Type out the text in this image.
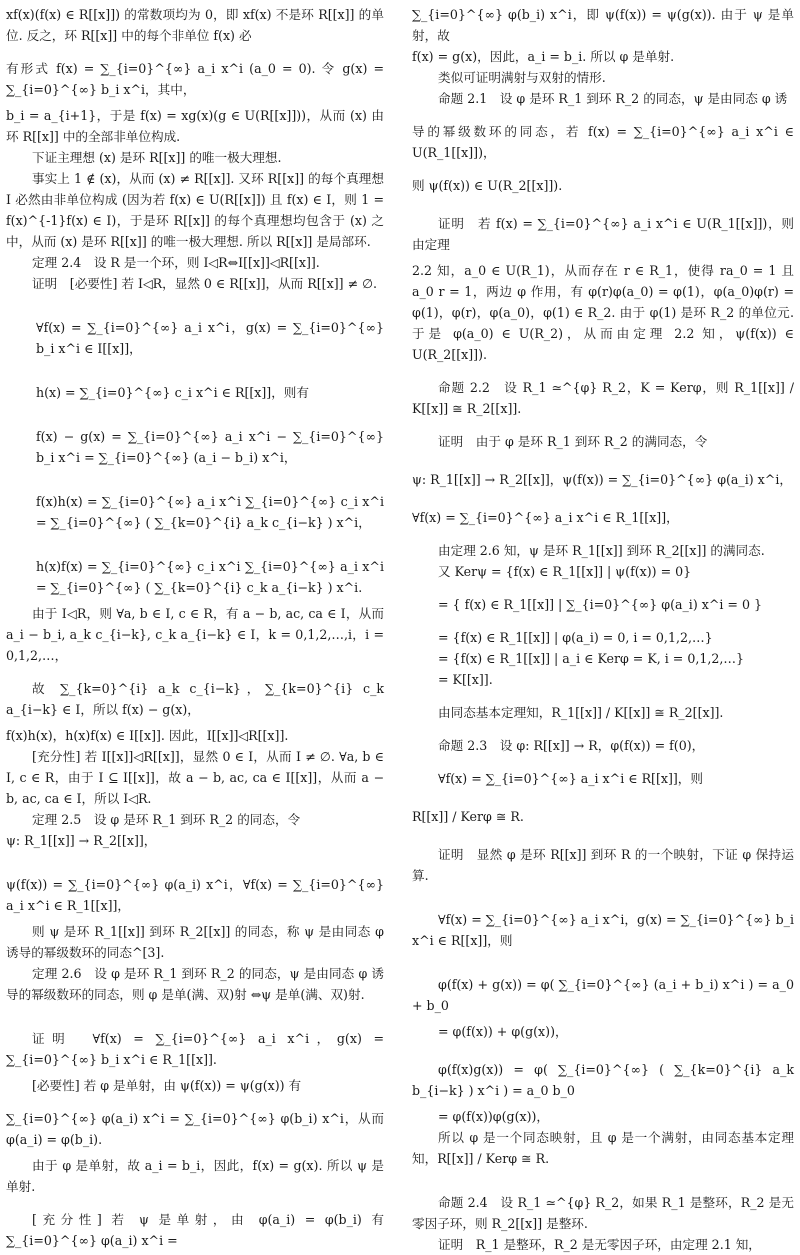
xf(x)(f(x) ∈ R[[x]]) 的常数项均为 0，即 xf(x) 不是环 R[[x]] 的单位. 反之，环 R[[x]] 中的每个非单位 f(x) 必

有形式 f(x) = ∑_{i=0}^{∞} a_i x^i (a_0 = 0). 令 g(x) = ∑_{i=0}^{∞} b_i x^i，其中，

b_i = a_{i+1}，于是 f(x) = xg(x)(g ∈ U(R[[x]]))，从而 (x) 由环 R[[x]] 中的全部非单位构成.

下证主理想 (x) 是环 R[[x]] 的唯一极大理想.

事实上 1 ∉ (x)，从而 (x) ≠ R[[x]]. 又环 R[[x]] 的每个真理想 I 必然由非单位构成 (因为若 f(x) ∈ U(R[[x]]) 且 f(x) ∈ I，则 1 = f(x)^{-1}f(x) ∈ I)，于是环 R[[x]] 的每个真理想均包含于 (x) 之中，从而 (x) 是环 R[[x]] 的唯一极大理想. 所以 R[[x]] 是局部环.

定理 2.4　设 R 是一个环，则 I◁R⇔I[[x]]◁R[[x]].

证明　[必要性] 若 I◁R，显然 0 ∈ R[[x]]，从而 R[[x]] ≠ ∅.

∀f(x) = ∑_{i=0}^{∞} a_i x^i，g(x) = ∑_{i=0}^{∞} b_i x^i ∈ I[[x]]，

h(x) = ∑_{i=0}^{∞} c_i x^i ∈ R[[x]]，则有

f(x) − g(x) = ∑_{i=0}^{∞} a_i x^i − ∑_{i=0}^{∞} b_i x^i = ∑_{i=0}^{∞} (a_i − b_i) x^i，

f(x)h(x) = ∑_{i=0}^{∞} a_i x^i ∑_{i=0}^{∞} c_i x^i = ∑_{i=0}^{∞} ( ∑_{k=0}^{i} a_k c_{i−k} ) x^i，

h(x)f(x) = ∑_{i=0}^{∞} c_i x^i ∑_{i=0}^{∞} a_i x^i = ∑_{i=0}^{∞} ( ∑_{k=0}^{i} c_k a_{i−k} ) x^i.

由于 I◁R，则 ∀a, b ∈ I, c ∈ R，有 a − b, ac, ca ∈ I，从而 a_i − b_i, a_k c_{i−k}, c_k a_{i−k} ∈ I，k = 0,1,2,…,i，i = 0,1,2,…，

故 ∑_{k=0}^{i} a_k c_{i−k}，∑_{k=0}^{i} c_k a_{i−k} ∈ I，所以 f(x) − g(x)，

f(x)h(x)，h(x)f(x) ∈ I[[x]]. 因此，I[[x]]◁R[[x]].

[充分性] 若 I[[x]]◁R[[x]]，显然 0 ∈ I，从而 I ≠ ∅. ∀a, b ∈ I, c ∈ R，由于 I ⊆ I[[x]]，故 a − b, ac, ca ∈ I[[x]]，从而 a − b, ac, ca ∈ I，所以 I◁R.

定理 2.5　设 φ 是环 R_1 到环 R_2 的同态，令

ψ: R_1[[x]] → R_2[[x]]，

ψ(f(x)) = ∑_{i=0}^{∞} φ(a_i) x^i，∀f(x) = ∑_{i=0}^{∞} a_i x^i ∈ R_1[[x]]，

则 ψ 是环 R_1[[x]] 到环 R_2[[x]] 的同态，称 ψ 是由同态 φ 诱导的幂级数环的同态^[3].

定理 2.6　设 φ 是环 R_1 到环 R_2 的同态，ψ 是由同态 φ 诱导的幂级数环的同态，则 φ 是单(满、双)射 ⇔ψ 是单(满、双)射.

证明　∀f(x) = ∑_{i=0}^{∞} a_i x^i，g(x) = ∑_{i=0}^{∞} b_i x^i ∈ R_1[[x]].

[必要性] 若 φ 是单射，由 ψ(f(x)) = ψ(g(x)) 有

∑_{i=0}^{∞} φ(a_i) x^i = ∑_{i=0}^{∞} φ(b_i) x^i，从而 φ(a_i) = φ(b_i).

由于 φ 是单射，故 a_i = b_i，因此，f(x) = g(x). 所以 ψ 是单射.

[充分性] 若 ψ 是单射，由 φ(a_i) = φ(b_i) 有 ∑_{i=0}^{∞} φ(a_i) x^i =

∑_{i=0}^{∞} φ(b_i) x^i，即 ψ(f(x)) = ψ(g(x)). 由于 ψ 是单射，故

f(x) = g(x)，因此，a_i = b_i. 所以 φ 是单射.

类似可证明满射与双射的情形.

命题 2.1　设 φ 是环 R_1 到环 R_2 的同态，ψ 是由同态 φ 诱

导的幂级数环的同态，若 f(x) = ∑_{i=0}^{∞} a_i x^i ∈ U(R_1[[x]])，

则 ψ(f(x)) ∈ U(R_2[[x]]).

证明　若 f(x) = ∑_{i=0}^{∞} a_i x^i ∈ U(R_1[[x]])，则由定理

2.2 知，a_0 ∈ U(R_1)，从而存在 r ∈ R_1，使得 ra_0 = 1 且 a_0 r = 1，两边 φ 作用，有 φ(r)φ(a_0) = φ(1)，φ(a_0)φ(r) = φ(1)，φ(r)，φ(a_0)，φ(1) ∈ R_2. 由于 φ(1) 是环 R_2 的单位元. 于是 φ(a_0) ∈ U(R_2)，从而由定理 2.2 知，ψ(f(x)) ∈ U(R_2[[x]]).

命题 2.2　设 R_1 ≃^{φ} R_2，K = Kerφ，则 R_1[[x]] / K[[x]] ≅ R_2[[x]].

证明　由于 φ 是环 R_1 到环 R_2 的满同态，令

ψ: R_1[[x]] → R_2[[x]]，ψ(f(x)) = ∑_{i=0}^{∞} φ(a_i) x^i，

∀f(x) = ∑_{i=0}^{∞} a_i x^i ∈ R_1[[x]]，

由定理 2.6 知，ψ 是环 R_1[[x]] 到环 R_2[[x]] 的满同态.

又 Kerψ = {f(x) ∈ R_1[[x]] | ψ(f(x)) = 0}

= { f(x) ∈ R_1[[x]] | ∑_{i=0}^{∞} φ(a_i) x^i = 0 }

= {f(x) ∈ R_1[[x]] | φ(a_i) = 0, i = 0,1,2,…}

= {f(x) ∈ R_1[[x]] | a_i ∈ Kerφ = K, i = 0,1,2,…}

= K[[x]].

由同态基本定理知，R_1[[x]] / K[[x]] ≅ R_2[[x]].

命题 2.3　设 φ: R[[x]] → R，φ(f(x)) = f(0)，

∀f(x) = ∑_{i=0}^{∞} a_i x^i ∈ R[[x]]，则

R[[x]] / Kerφ ≅ R.

证明　显然 φ 是环 R[[x]] 到环 R 的一个映射，下证 φ 保持运算.

∀f(x) = ∑_{i=0}^{∞} a_i x^i，g(x) = ∑_{i=0}^{∞} b_i x^i ∈ R[[x]]，则

φ(f(x) + g(x)) = φ( ∑_{i=0}^{∞} (a_i + b_i) x^i ) = a_0 + b_0

= φ(f(x)) + φ(g(x))，

φ(f(x)g(x)) = φ( ∑_{i=0}^{∞} ( ∑_{k=0}^{i} a_k b_{i−k} ) x^i ) = a_0 b_0

= φ(f(x))φ(g(x))，

所以 φ 是一个同态映射，且 φ 是一个满射，由同态基本定理知，R[[x]] / Kerφ ≅ R.

命题 2.4　设 R_1 ≃^{φ} R_2，如果 R_1 是整环，R_2 是无零因子环，则 R_2[[x]] 是整环.

证明　R_1 是整环，R_2 是无零因子环，由定理 2.1 知，
